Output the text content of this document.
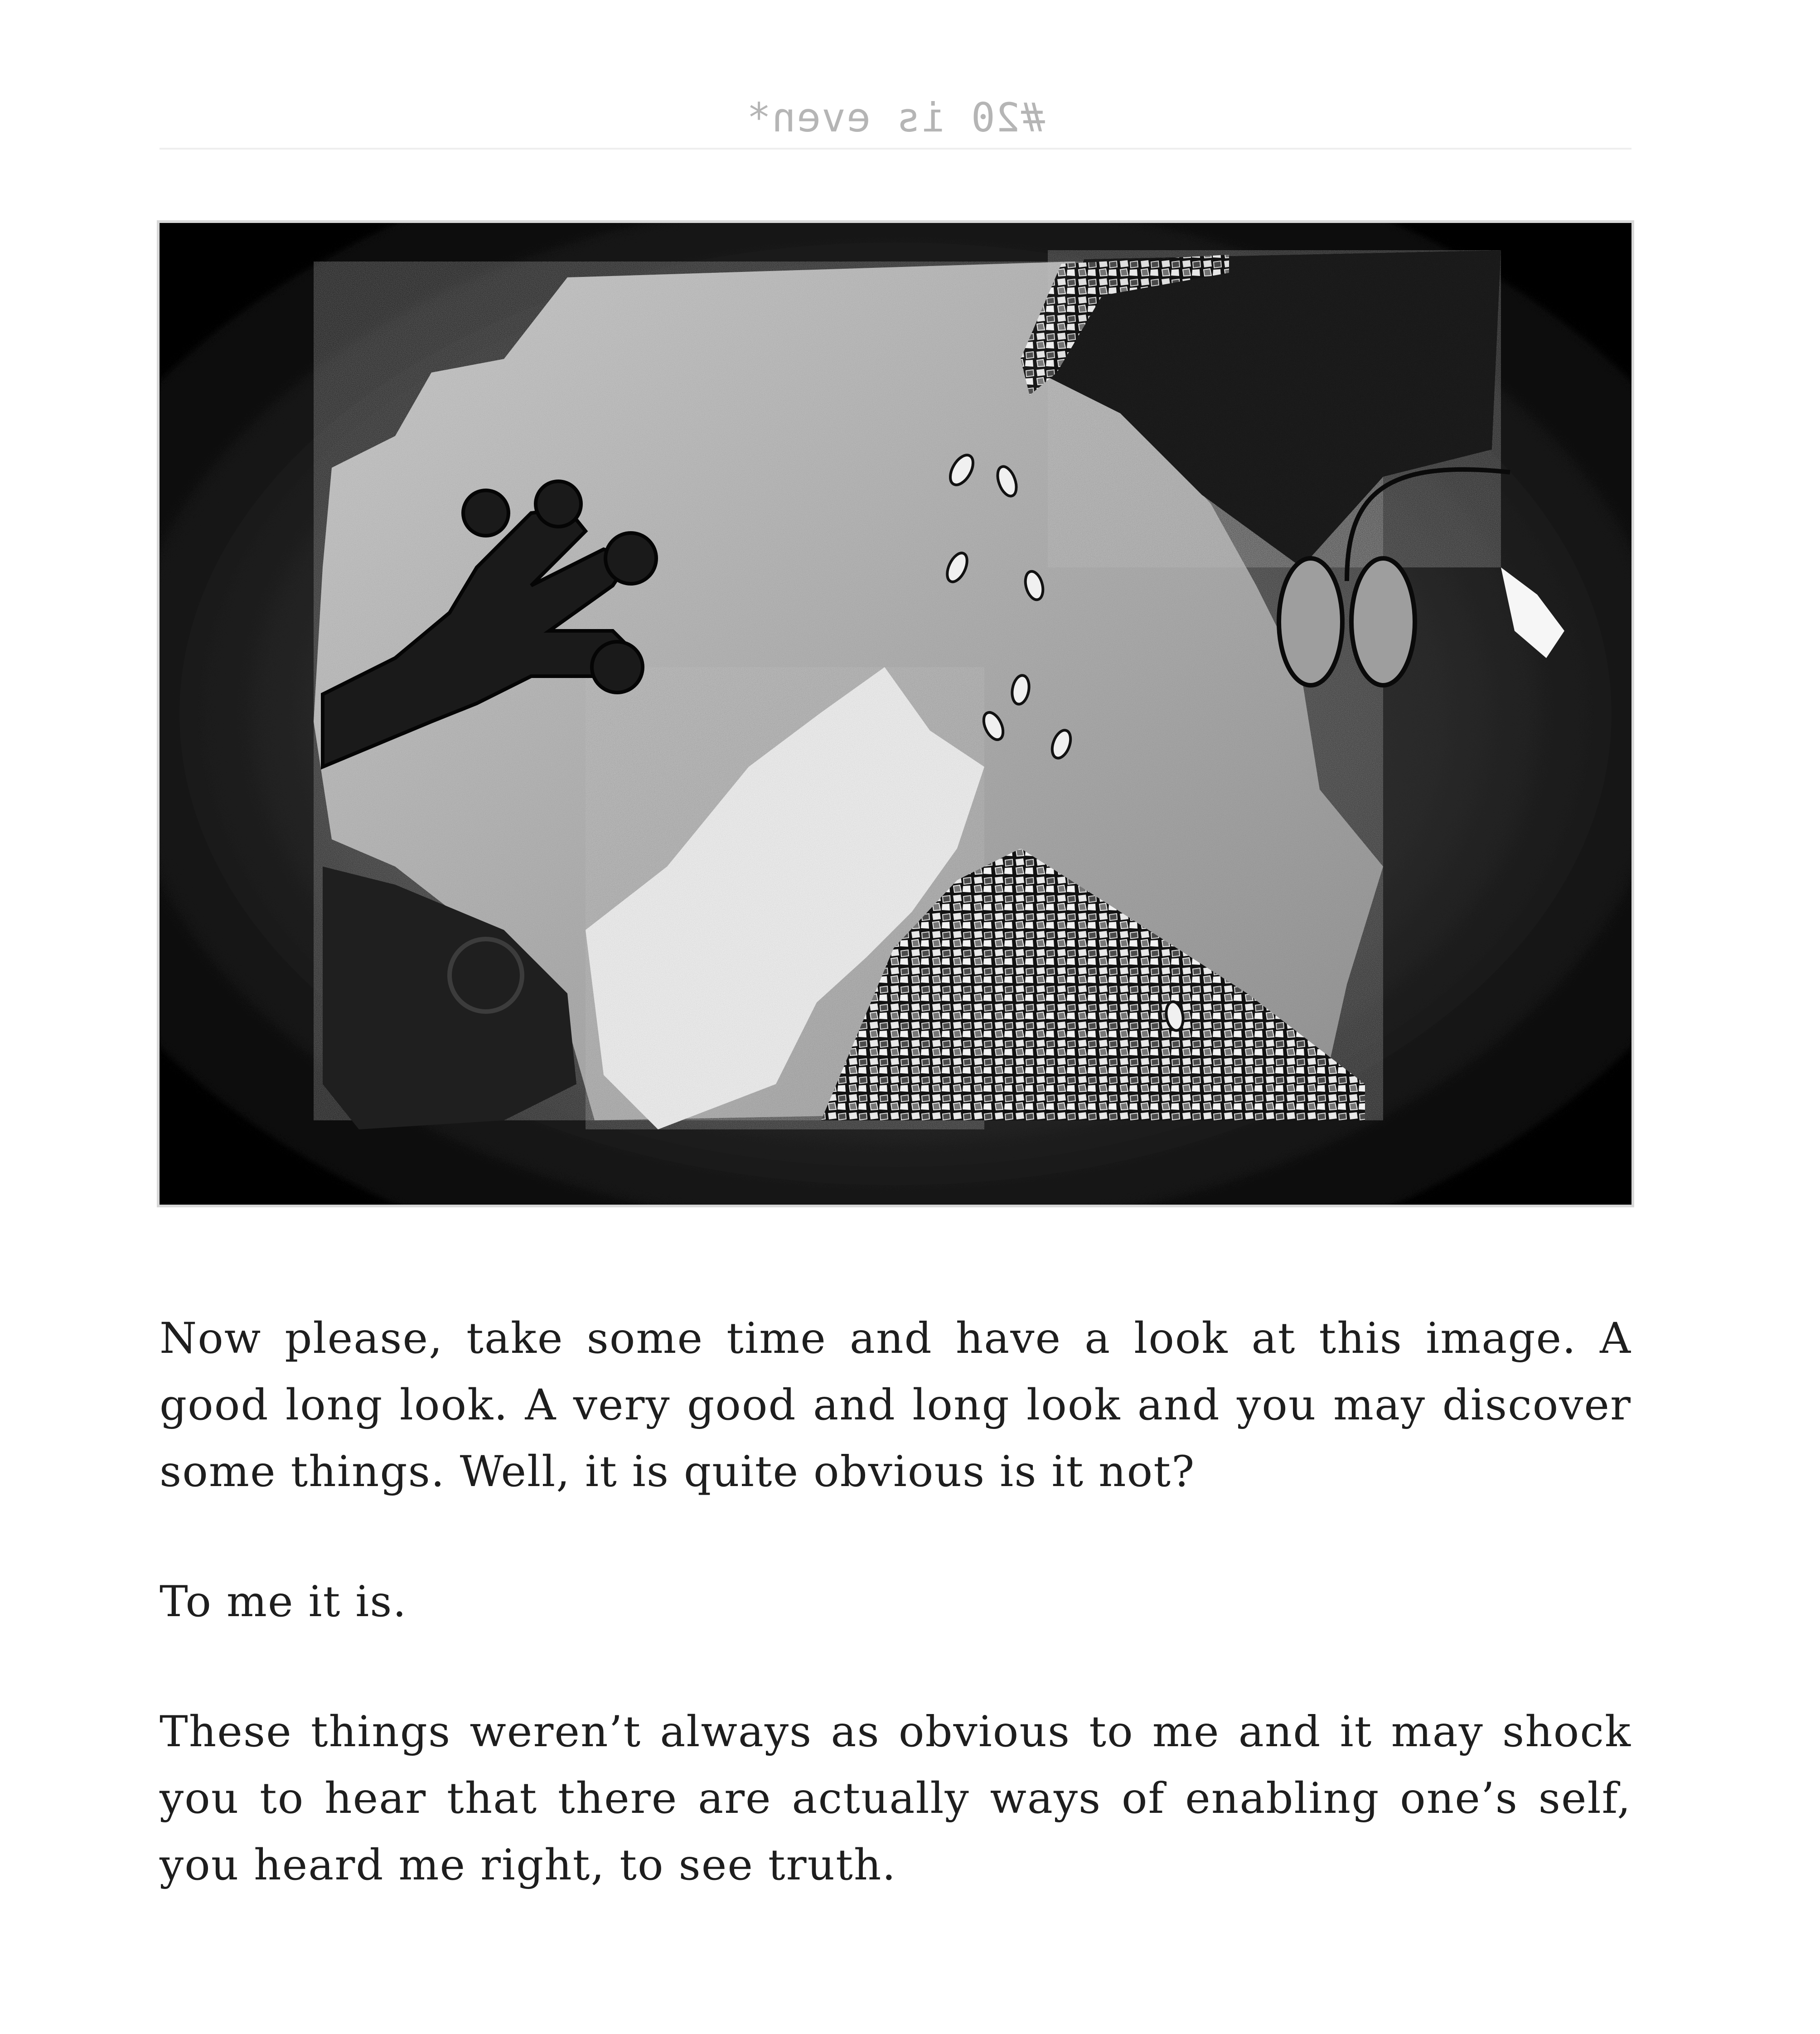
#20 is even*

Now please, take some time and have a look at this image. A good long look. A very good and long look and you may discover some things. Well, it is quite obvious is it not?

To me it is.

These things weren’t always as obvious to me and it may shock you to hear that there are actually ways of enabling one’s self, you heard me right, to see truth.
